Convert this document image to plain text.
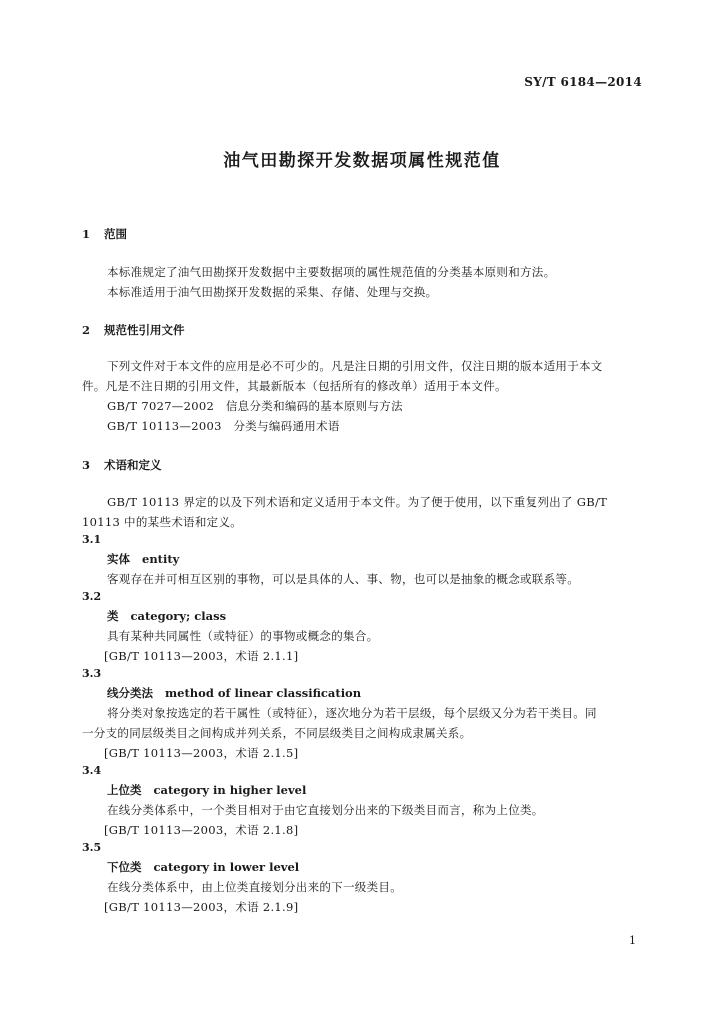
SY/T 6184—2014
油气田勘探开发数据项属性规范值
1 范围
本标准规定了油气田勘探开发数据中主要数据项的属性规范值的分类基本原则和方法。
本标准适用于油气田勘探开发数据的采集、存储、处理与交换。
2 规范性引用文件
下列文件对于本文件的应用是必不可少的。凡是注日期的引用文件，仅注日期的版本适用于本文
件。凡是不注日期的引用文件，其最新版本（包括所有的修改单）适用于本文件。
GB/T 7027—2002　信息分类和编码的基本原则与方法
GB/T 10113—2003　分类与编码通用术语
3 术语和定义
GB/T 10113 界定的以及下列术语和定义适用于本文件。为了便于使用，以下重复列出了 GB/T
10113 中的某些术语和定义。
3.1
实体 entity
客观存在并可相互区别的事物，可以是具体的人、事、物，也可以是抽象的概念或联系等。
3.2
类 category; class
具有某种共同属性（或特征）的事物或概念的集合。
[GB/T 10113—2003，术语 2.1.1]
3.3
线分类法 method of linear classification
将分类对象按选定的若干属性（或特征），逐次地分为若干层级，每个层级又分为若干类目。同
一分支的同层级类目之间构成并列关系，不同层级类目之间构成隶属关系。
[GB/T 10113—2003，术语 2.1.5]
3.4
上位类 category in higher level
在线分类体系中，一个类目相对于由它直接划分出来的下级类目而言，称为上位类。
[GB/T 10113—2003，术语 2.1.8]
3.5
下位类 category in lower level
在线分类体系中，由上位类直接划分出来的下一级类目。
[GB/T 10113—2003，术语 2.1.9]
1
